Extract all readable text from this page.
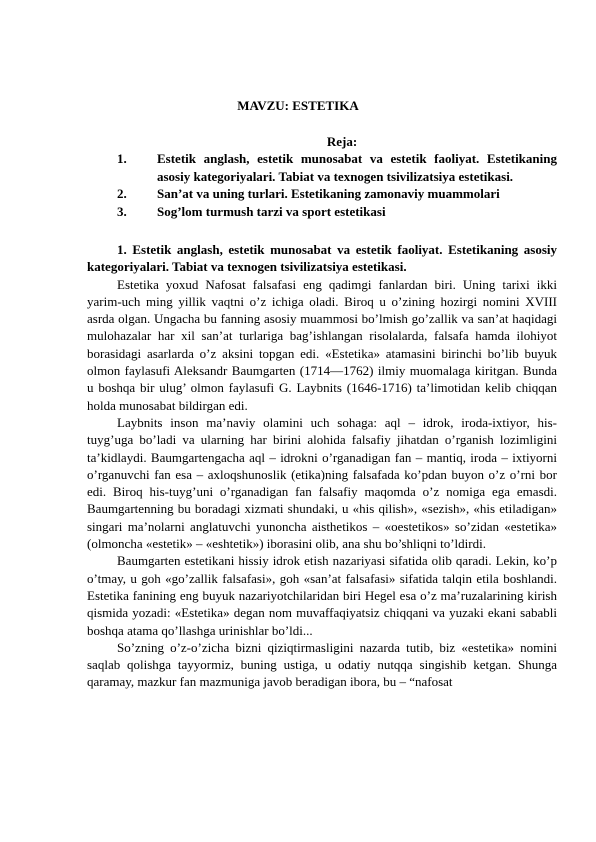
MAVZU: ESTETIKA
Reja:
1.	Estetik anglash, estetik munosabat va estetik faoliyat. Estetikaning asosiy kategoriyalari. Tabiat va texnogen tsivilizatsiya estetikasi.
2.	San’at va uning turlari. Estetikaning zamonaviy muammolari
3.	Sog’lom turmush tarzi va sport estetikasi

1. Estetik anglash, estetik munosabat va estetik faoliyat. Estetikaning asosiy kategoriyalari. Tabiat va texnogen tsivilizatsiya estetikasi.

Estetika yoxud Nafosat falsafasi eng qadimgi fanlardan biri. Uning tarixi ikki yarim-uch ming yillik vaqtni o’z ichiga oladi. Biroq u o’zining hozirgi nomini XVIII asrda olgan. Ungacha bu fanning asosiy muammosi bo’lmish go’zallik va san’at haqidagi mulohazalar har xil san’at turlariga bag’ishlangan risolalarda, falsafa hamda ilohiyot borasidagi asarlarda o’z aksini topgan edi. «Estetika» atamasini birinchi bo’lib buyuk olmon faylasufi Aleksandr Baumgarten (1714—1762) ilmiy muomalaga kiritgan. Bunda u boshqa bir ulug’ olmon faylasufi G. Laybnits (1646-1716) ta’limotidan kelib chiqqan holda munosabat bildirgan edi.

Laybnits inson ma’naviy olamini uch sohaga: aql – idrok, iroda-ixtiyor, his-tuyg’uga bo’ladi va ularning har birini alohida falsafiy jihatdan o’rganish lozimligini ta’kidlaydi. Baumgartengacha aql – idrokni o’rganadigan fan – mantiq, iroda – ixtiyorni o’rganuvchi fan esa – axloqshunoslik (etika)ning falsafada ko’pdan buyon o’z o’rni bor edi. Biroq his-tuyg’uni o’rganadigan fan falsafiy maqomda o’z nomiga ega emasdi. Baumgartenning bu boradagi xizmati shundaki, u «his qilish», «sezish», «his etiladigan» singari ma’nolarni anglatuvchi yunoncha aisthetikos – «oestetikos» so’zidan «estetika» (olmoncha «estetik» – «eshtetik») iborasini olib, ana shu bo’shliqni to’ldirdi.

Baumgarten estetikani hissiy idrok etish nazariyasi sifatida olib qaradi. Lekin, ko’p o’tmay, u goh «go’zallik falsafasi», goh «san’at falsafasi» sifatida talqin etila boshlandi. Estetika fanining eng buyuk nazariyotchilaridan biri Hegel esa o’z ma’ruzalarining kirish qismida yozadi: «Estetika» degan nom muvaffaqiyatsiz chiqqani va yuzaki ekani sababli boshqa atama qo’llashga urinishlar bo’ldi...

So’zning o’z-o’zicha bizni qiziqtirmasligini nazarda tutib, biz «estetika» nomini saqlab qolishga tayyormiz, buning ustiga, u odatiy nutqqa singishib ketgan. Shunga qaramay, mazkur fan mazmuniga javob beradigan ibora, bu – “nafosat
